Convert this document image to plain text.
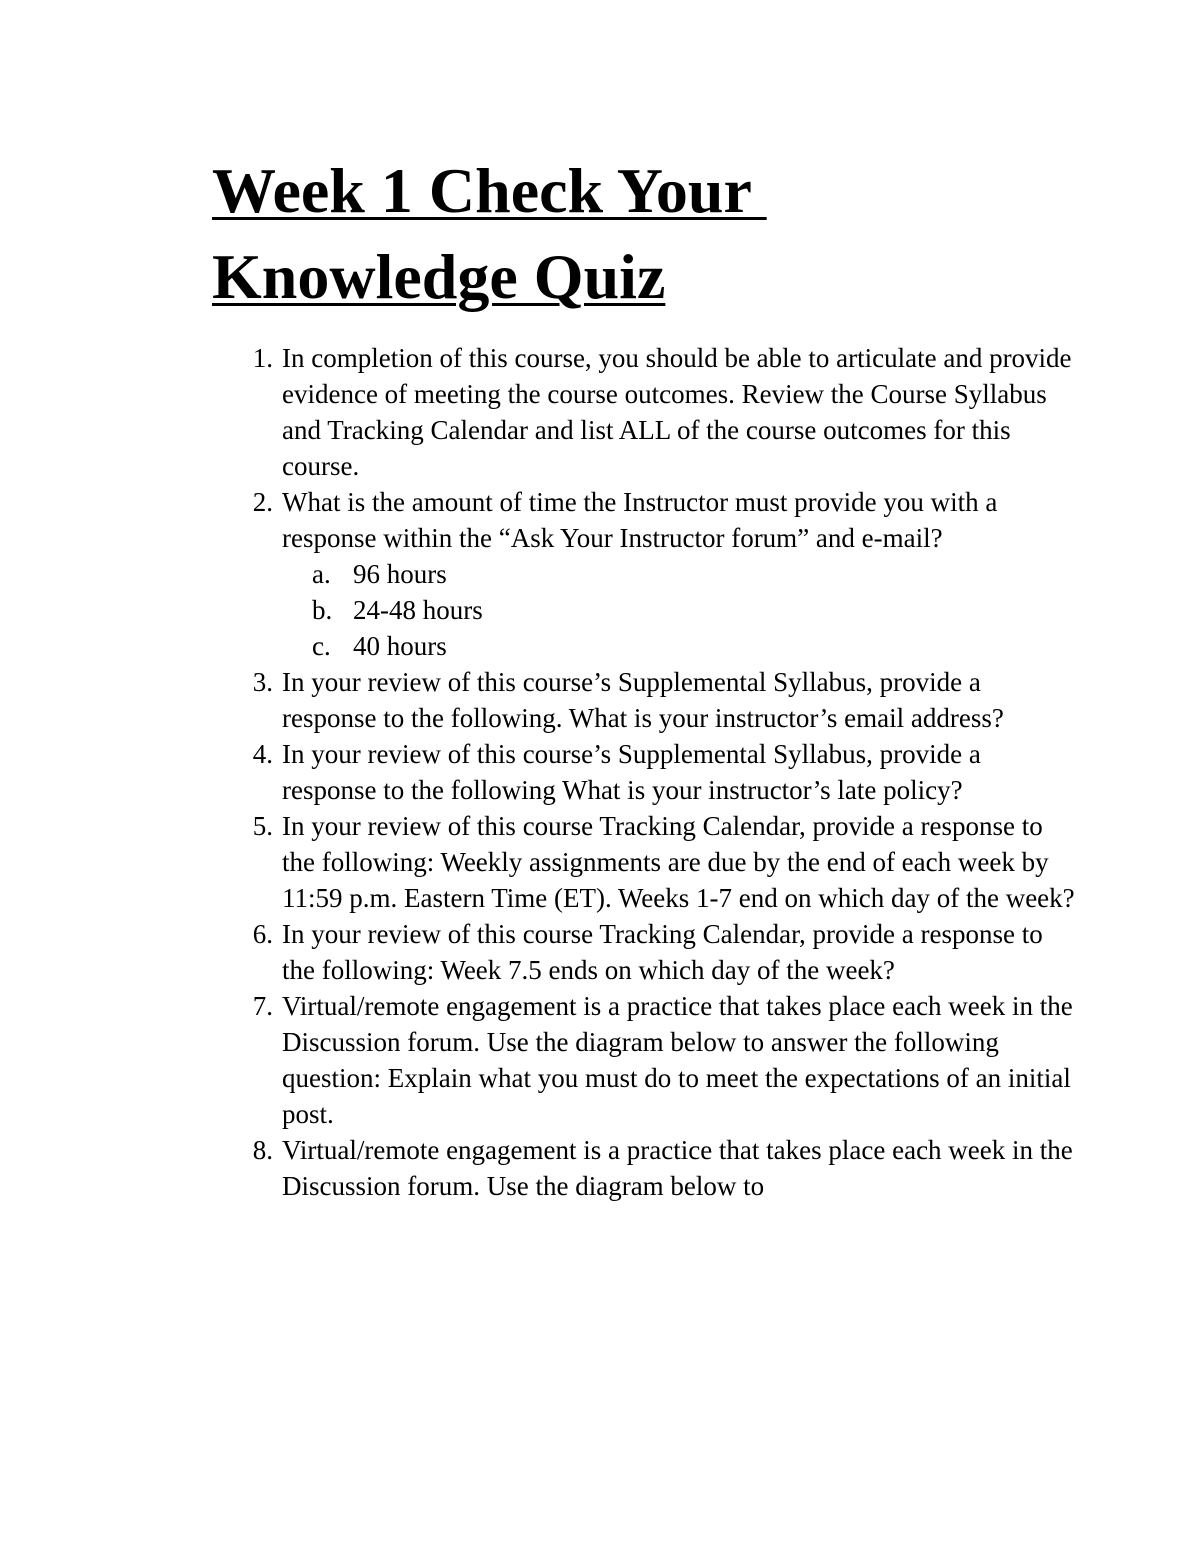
Week 1 Check Your
Knowledge Quiz
1. In completion of this course, you should be able to articulate and provide evidence of meeting the course outcomes. Review the Course Syllabus and Tracking Calendar and list ALL of the course outcomes for this course.
2. What is the amount of time the Instructor must provide you with a response within the “Ask Your Instructor forum” and e-mail?
a. 96 hours
b. 24-48 hours
c. 40 hours
3. In your review of this course’s Supplemental Syllabus, provide a response to the following. What is your instructor’s email address?
4. In your review of this course’s Supplemental Syllabus, provide a response to the following What is your instructor’s late policy?
5. In your review of this course Tracking Calendar, provide a response to the following: Weekly assignments are due by the end of each week by 11:59 p.m. Eastern Time (ET). Weeks 1-7 end on which day of the week?
6. In your review of this course Tracking Calendar, provide a response to the following: Week 7.5 ends on which day of the week?
7. Virtual/remote engagement is a practice that takes place each week in the Discussion forum. Use the diagram below to answer the following question: Explain what you must do to meet the expectations of an initial post.
8. Virtual/remote engagement is a practice that takes place each week in the Discussion forum. Use the diagram below to
